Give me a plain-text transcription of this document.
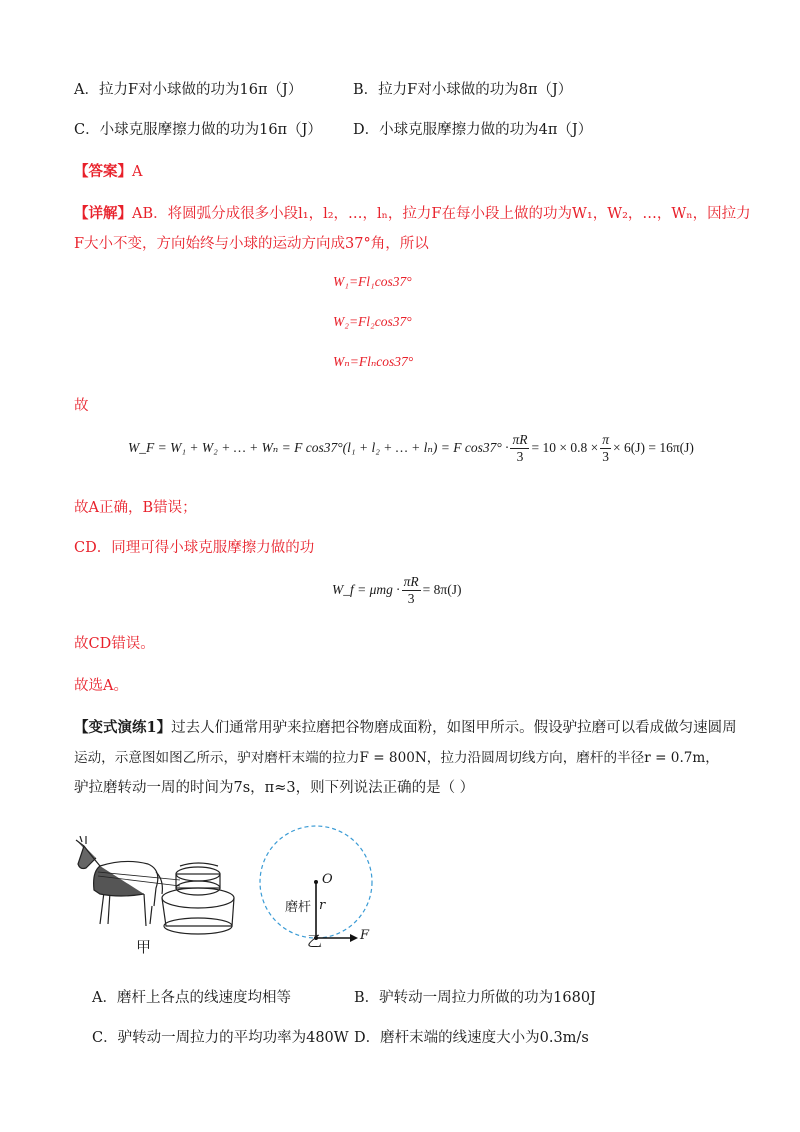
A．拉力F对小球做的功为16π（J）	B．拉力F对小球做的功为8π（J）
C．小球克服摩擦力做的功为16π（J） D．小球克服摩擦力做的功为4π（J）
【答案】A
【详解】AB．将圆弧分成很多小段l₁，l₂，…，lₙ，拉力F在每小段上做的功为W₁，W₂，…，Wₙ，因拉力
F大小不变，方向始终与小球的运动方向成37°角，所以
W₁=Fl₁cos37°
W₂=Fl₂cos37°
Wₙ=Flₙcos37°
故
W_F = W₁ + W₂ + … + Wₙ = F cos37°(l₁ + l₂ + … + lₙ) = F $\cos 37^\circ \cdot \frac{\pi R}{3} = 10 \times 0.8 \times \frac{\pi}{3} \times 6(J) = 16\pi(J)$
故A正确，B错误；
CD．同理可得小球克服摩擦力做的功
W_f = $\mu mg \cdot \frac{\pi R}{3} = 8\pi(J)$
故CD错误。
故选A。
【变式演练1】过去人们通常用驴来拉磨把谷物磨成面粉，如图甲所示。假设驴拉磨可以看成做匀速圆周
运动，示意图如图乙所示，驴对磨杆末端的拉力F = 800N，拉力沿圆周切线方向，磨杆的半径r = 0.7m，
驴拉磨转动一周的时间为7s，π≈3，则下列说法正确的是（ ）
甲
O
r
磨杆
乙	F
A．磨杆上各点的线速度均相等	B．驴转动一周拉力所做的功为1680J
C．驴转动一周拉力的平均功率为480W D．磨杆末端的线速度大小为0.3m/s
